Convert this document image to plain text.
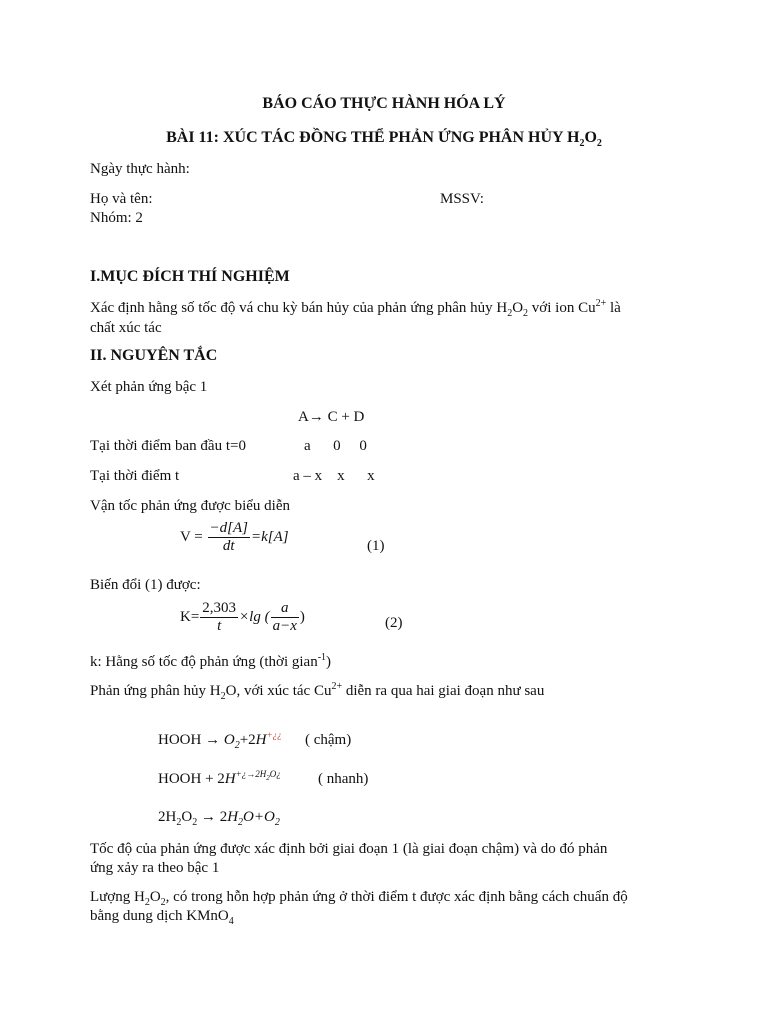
BÁO CÁO THỰC HÀNH HÓA LÝ
BÀI 11: XÚC TÁC ĐỒNG THỂ PHẢN ỨNG PHÂN HỦY $H_2O_2$
Ngày thực hành:
Họ và tên:	MSSV:
Nhóm: 2
I.MỤC ĐÍCH THÍ NGHIỆM
Xác định hằng số tốc độ vá chu kỳ bán hủy của phản ứng phân hủy $H_2O_2$ với ion $Cu^{2+}$ là
chất xúc tác
II. NGUYÊN TẮC
Xét phản ứng bậc 1
A→ C + D
Tại thời điểm ban đầu t=0	a      0     0
Tại thời điểm t	a – x    x      x
Vận tốc phản ứng được biểu diễn
$V = \frac{-d[A]}{dt} =k[A]$
(1)
Biến đổi (1) được:
$K= \frac{2,303}{t} \times\lg$ ( $\frac{a}{a-x}$ )	(2)
k: Hằng số tốc độ phản ứng (thời gian$^{-1}$)
Phản ứng phân hủy $H_2O$, với xúc tác $Cu^{2+}$ diễn ra qua hai giai đoạn như sau
HOOH → $O_2+2H^{+¿¿}$ ( chậm)
HOOH + $2H^{+¿\to 2H_2O¿}$ ( nhanh)
$2H_2O_2 \to 2H_2O+O_2$
Tốc độ của phản ứng được xác định bởi giai đoạn 1 (là giai đoạn chậm) và do đó phản
ứng xảy ra theo bậc 1
Lượng $H_2O_2$, có trong hỗn hợp phản ứng ở thời điểm t được xác định bằng cách chuẩn độ
bằng dung dịch KMnO$_4$
